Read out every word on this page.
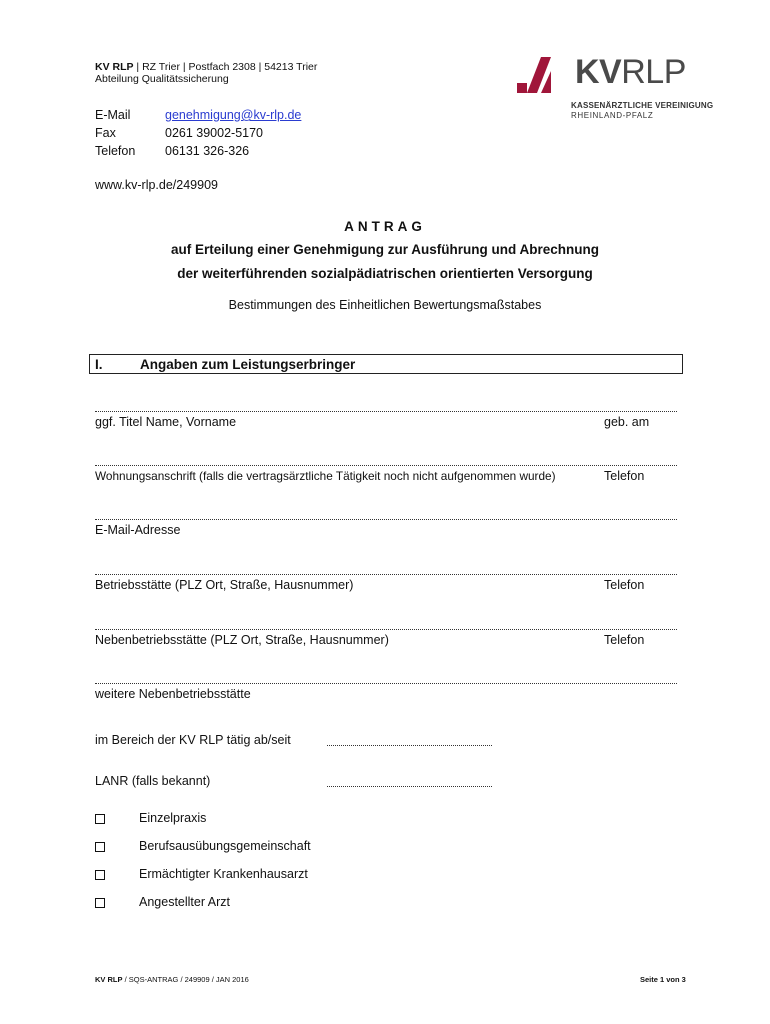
KV RLP | RZ Trier | Postfach 2308 | 54213 Trier
Abteilung Qualitätssicherung
E-Mail	genehmigung@kv-rlp.de
Fax	0261 39002-5170
Telefon	06131 326-326
www.kv-rlp.de/249909
KVRLP
KASSENÄRZTLICHE VEREINIGUNG
RHEINLAND-PFALZ
ANTRAG
auf Erteilung einer Genehmigung zur Ausführung und Abrechnung
der weiterführenden sozialpädiatrischen orientierten Versorgung
Bestimmungen des Einheitlichen Bewertungsmaßstabes
I.	Angaben zum Leistungserbringer
ggf. Titel Name, Vorname	geb. am
Wohnungsanschrift (falls die vertragsärztliche Tätigkeit noch nicht aufgenommen wurde)	Telefon
E-Mail-Adresse
Betriebsstätte (PLZ Ort, Straße, Hausnummer)	Telefon
Nebenbetriebsstätte (PLZ Ort, Straße, Hausnummer)	Telefon
weitere Nebenbetriebsstätte
im Bereich der KV RLP tätig ab/seit
LANR (falls bekannt)
Einzelpraxis
Berufsausübungsgemeinschaft
Ermächtigter Krankenhausarzt
Angestellter Arzt
KV RLP / SQS-ANTRAG / 249909 / JAN 2016	Seite 1 von 3
